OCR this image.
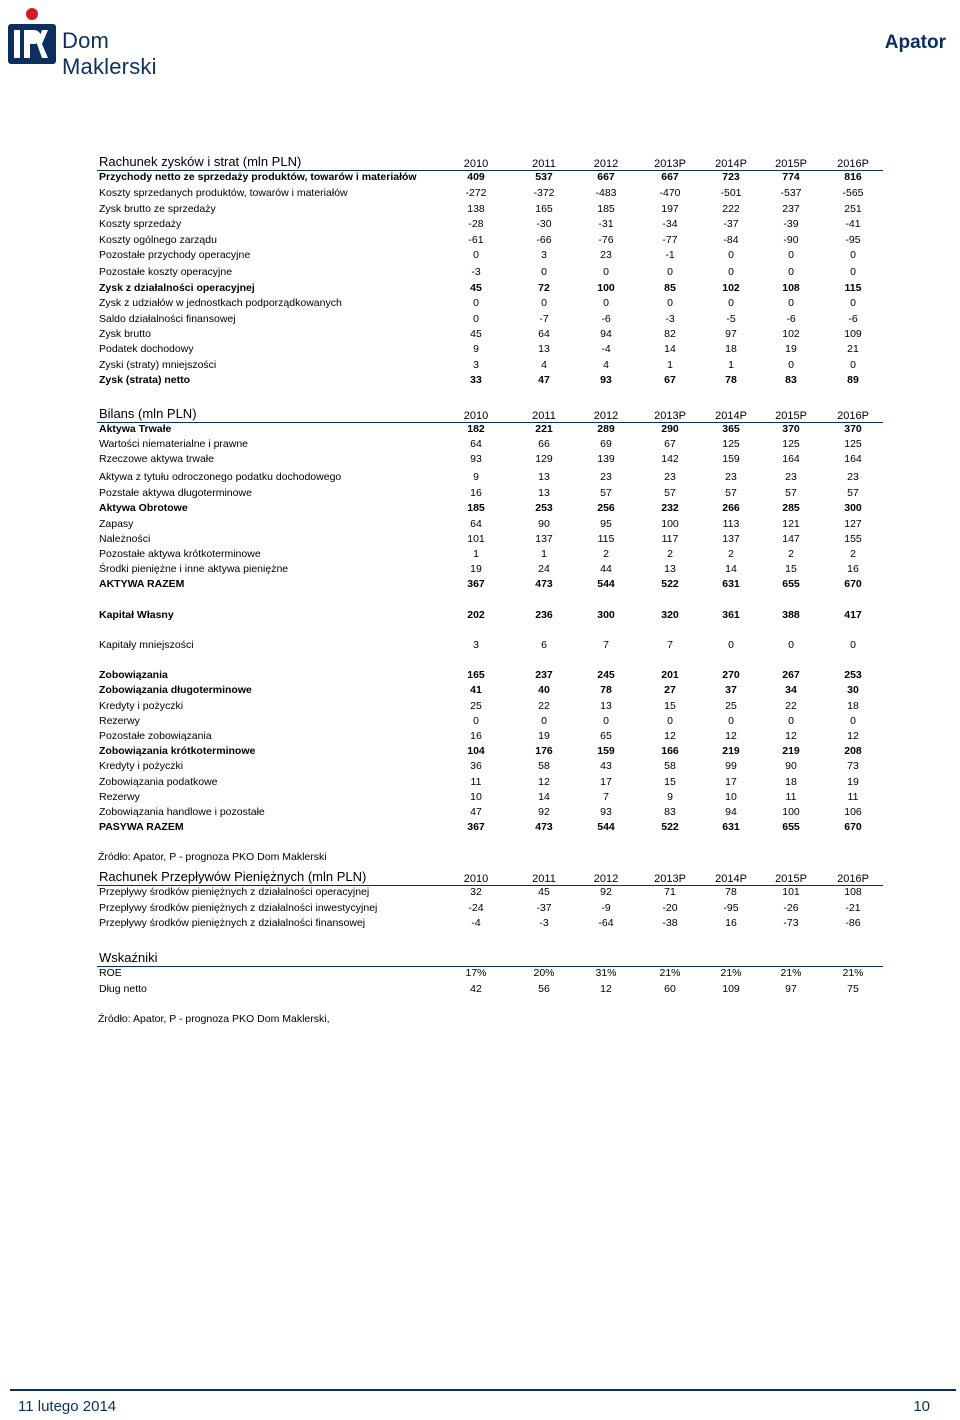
Dom Maklerski
Apator
Rachunek zysków i strat (mln PLN)	2010	2011	2012	2013P	2014P	2015P	2016P
Przychody netto ze sprzedaży produktów, towarów i materiałów	409	537	667	667	723	774	816
Koszty sprzedanych produktów, towarów i materiałów	-272	-372	-483	-470	-501	-537	-565
Zysk brutto ze sprzedaży	138	165	185	197	222	237	251
Koszty sprzedaży	-28	-30	-31	-34	-37	-39	-41
Koszty ogólnego zarządu	-61	-66	-76	-77	-84	-90	-95
Pozostałe przychody operacyjne	0	3	23	-1	0	0	0
Pozostałe koszty operacyjne	-3	0	0	0	0	0	0
Zysk z działalności operacyjnej	45	72	100	85	102	108	115
Zysk z udziałów w jednostkach podporządkowanych	0	0	0	0	0	0	0
Saldo działalności finansowej	0	-7	-6	-3	-5	-6	-6
Zysk brutto	45	64	94	82	97	102	109
Podatek dochodowy	9	13	-4	14	18	19	21
Zyski (straty) mniejszości	3	4	4	1	1	0	0
Zysk (strata) netto	33	47	93	67	78	83	89
Bilans (mln PLN)	2010	2011	2012	2013P	2014P	2015P	2016P
Aktywa Trwałe	182	221	289	290	365	370	370
Wartości niematerialne i prawne	64	66	69	67	125	125	125
Rzeczowe aktywa trwałe	93	129	139	142	159	164	164
Aktywa z tytułu odroczonego podatku dochodowego	9	13	23	23	23	23	23
Pozstałe aktywa długoterminowe	16	13	57	57	57	57	57
Aktywa Obrotowe	185	253	256	232	266	285	300
Zapasy	64	90	95	100	113	121	127
Należności	101	137	115	117	137	147	155
Pozostałe aktywa krótkoterminowe	1	1	2	2	2	2	2
Środki pieniężne i inne aktywa pieniężne	19	24	44	13	14	15	16
AKTYWA RAZEM	367	473	544	522	631	655	670
Kapitał Własny	202	236	300	320	361	388	417
Kapitały mniejszości	3	6	7	7	0	0	0
Zobowiązania	165	237	245	201	270	267	253
Zobowiązania długoterminowe	41	40	78	27	37	34	30
Kredyty i pożyczki	25	22	13	15	25	22	18
Rezerwy	0	0	0	0	0	0	0
Pozostałe zobowiązania	16	19	65	12	12	12	12
Zobowiązania krótkoterminowe	104	176	159	166	219	219	208
Kredyty i pożyczki	36	58	43	58	99	90	73
Zobowiązania podatkowe	11	12	17	15	17	18	19
Rezerwy	10	14	7	9	10	11	11
Zobowiązania handlowe i pozostałe	47	92	93	83	94	100	106
PASYWA RAZEM	367	473	544	522	631	655	670
Źródło: Apator, P - prognoza PKO Dom Maklerski
Rachunek Przepływów Pieniężnych (mln PLN)	2010	2011	2012	2013P	2014P	2015P	2016P
Przepływy środków pieniężnych z działalności operacyjnej	32	45	92	71	78	101	108
Przepływy środków pieniężnych z działalności inwestycyjnej	-24	-37	-9	-20	-95	-26	-21
Przepływy środków pieniężnych z działalności finansowej	-4	-3	-64	-38	16	-73	-86
Wskaźniki
ROE	17%	20%	31%	21%	21%	21%	21%
Dług netto	42	56	12	60	109	97	75
Źródło: Apator, P - prognoza PKO Dom Maklerski,
11 lutego 2014	10
